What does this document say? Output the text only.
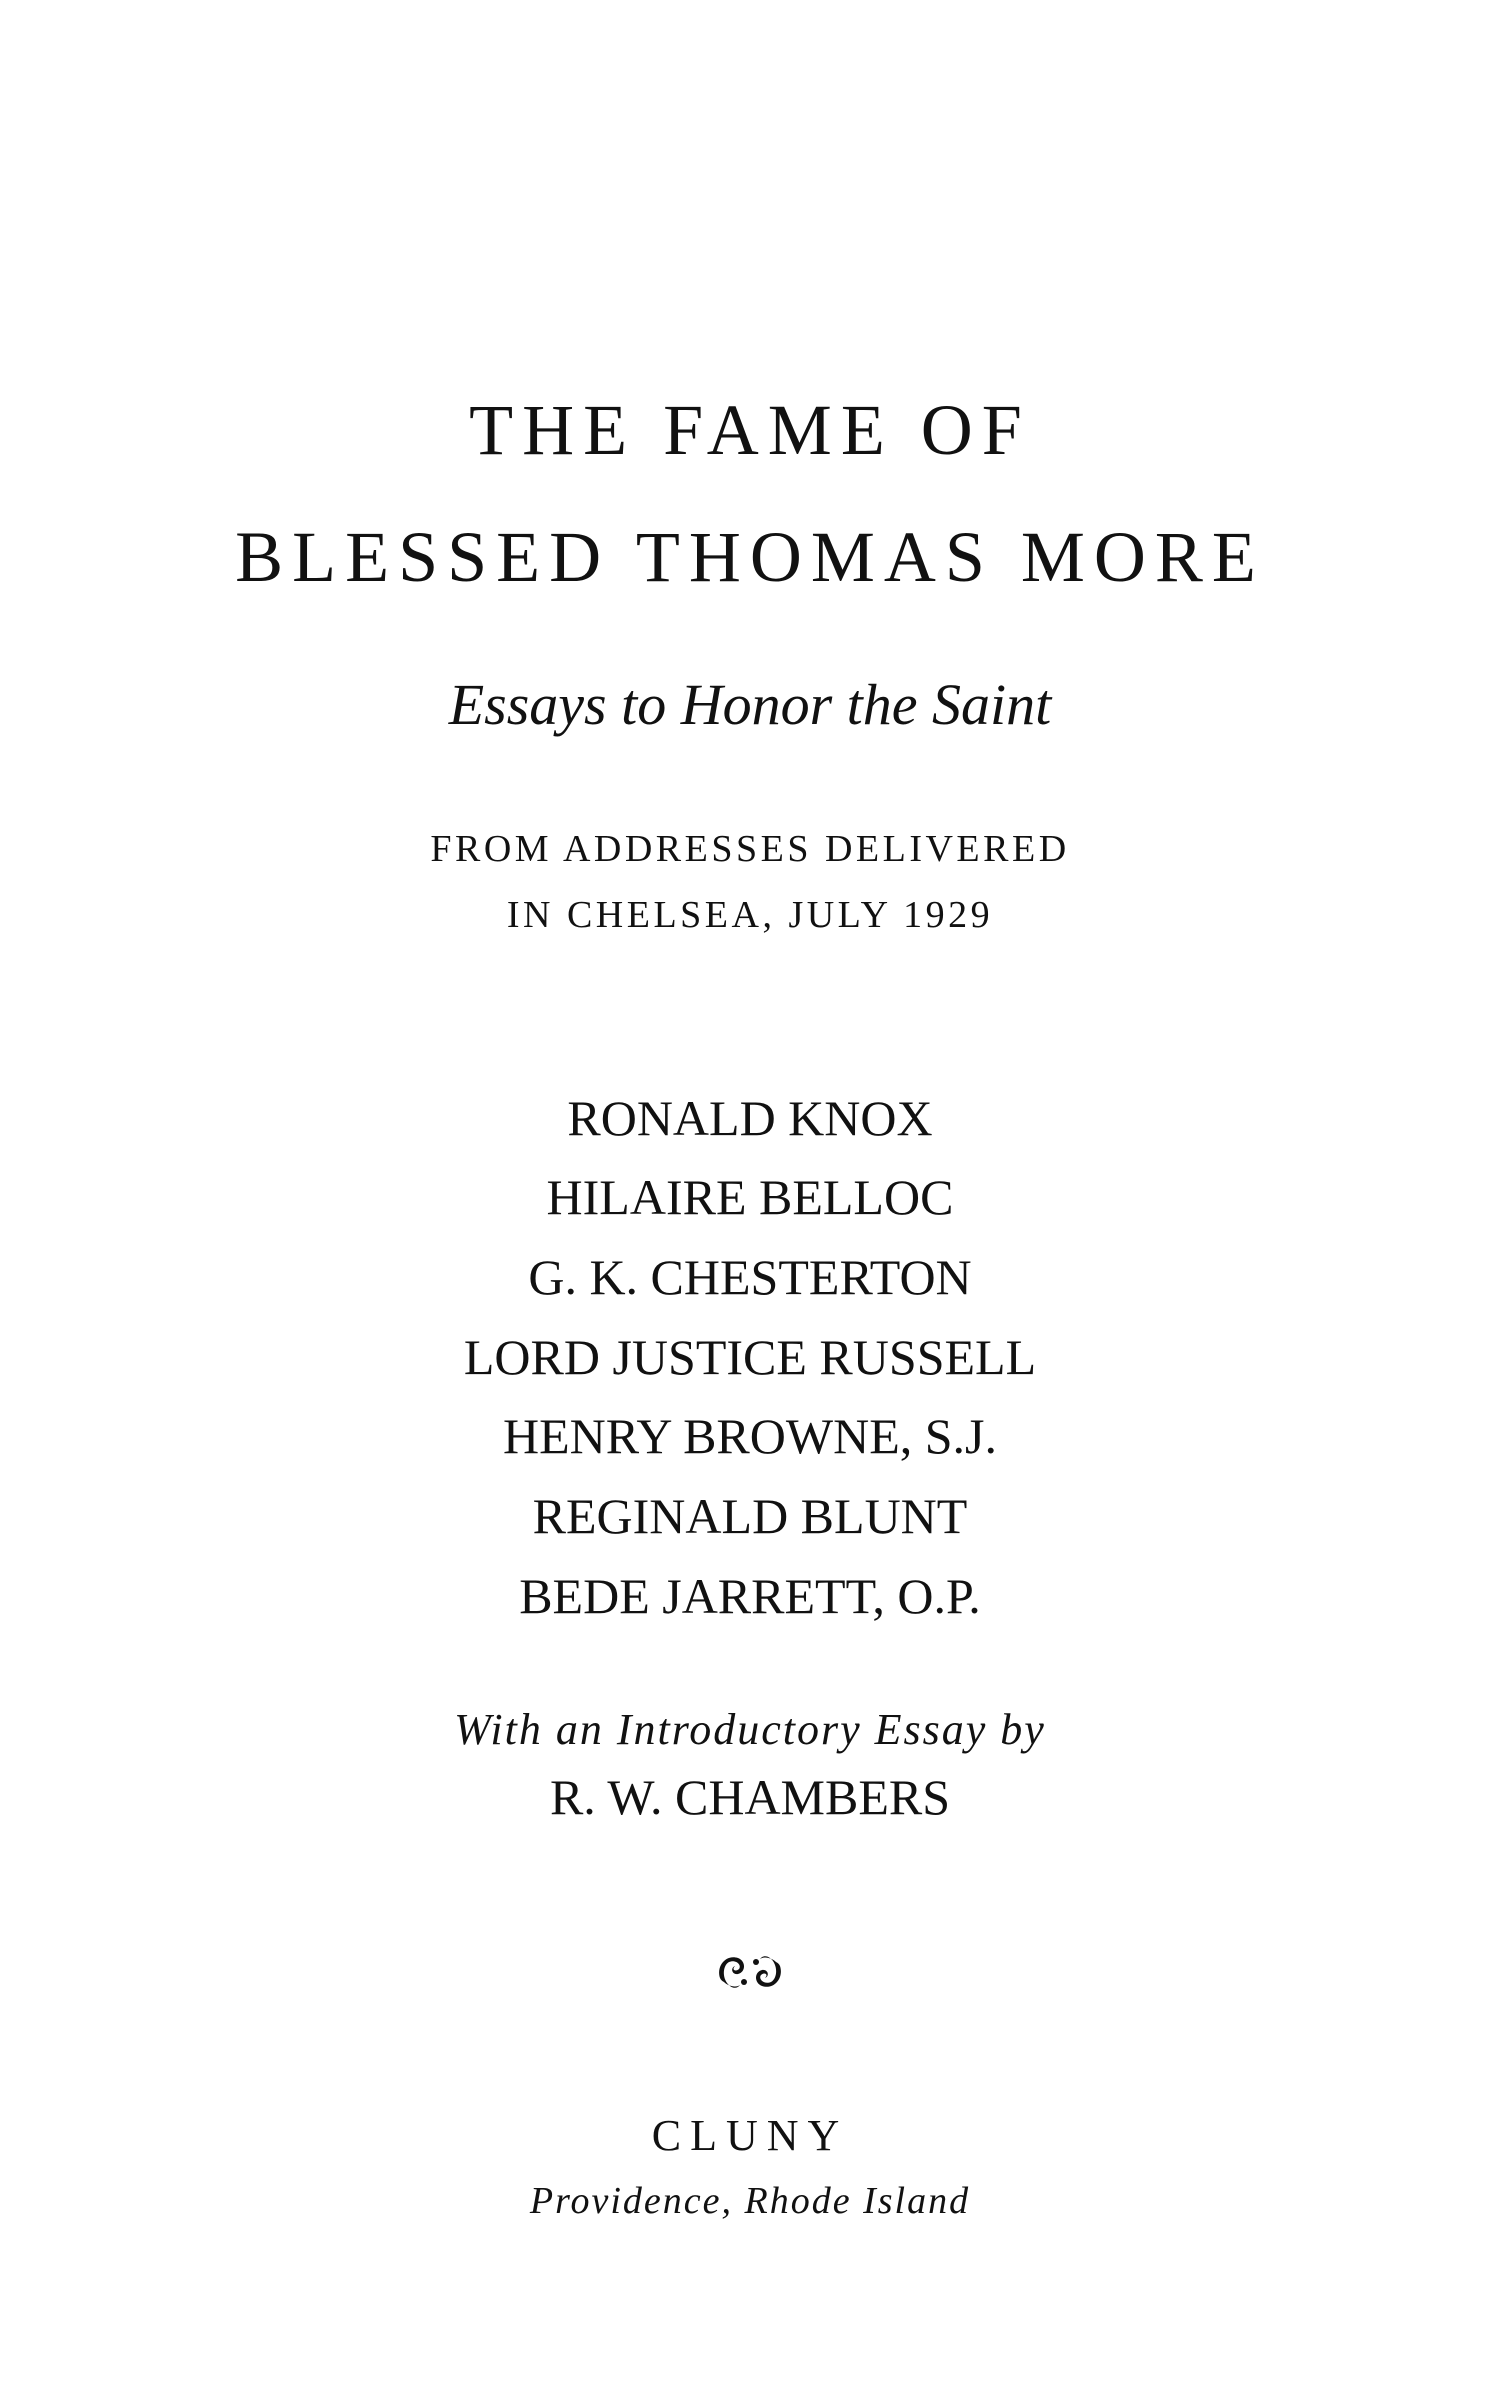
THE FAME OF
BLESSED THOMAS MORE
Essays to Honor the Saint
FROM ADDRESSES DELIVERED
IN CHELSEA, JULY 1929
RONALD KNOX
HILAIRE BELLOC
G. K. CHESTERTON
LORD JUSTICE RUSSELL
HENRY BROWNE, S.J.
REGINALD BLUNT
BEDE JARRETT, O.P.
With an Introductory Essay by
R. W. CHAMBERS
CLUNY
Providence, Rhode Island
